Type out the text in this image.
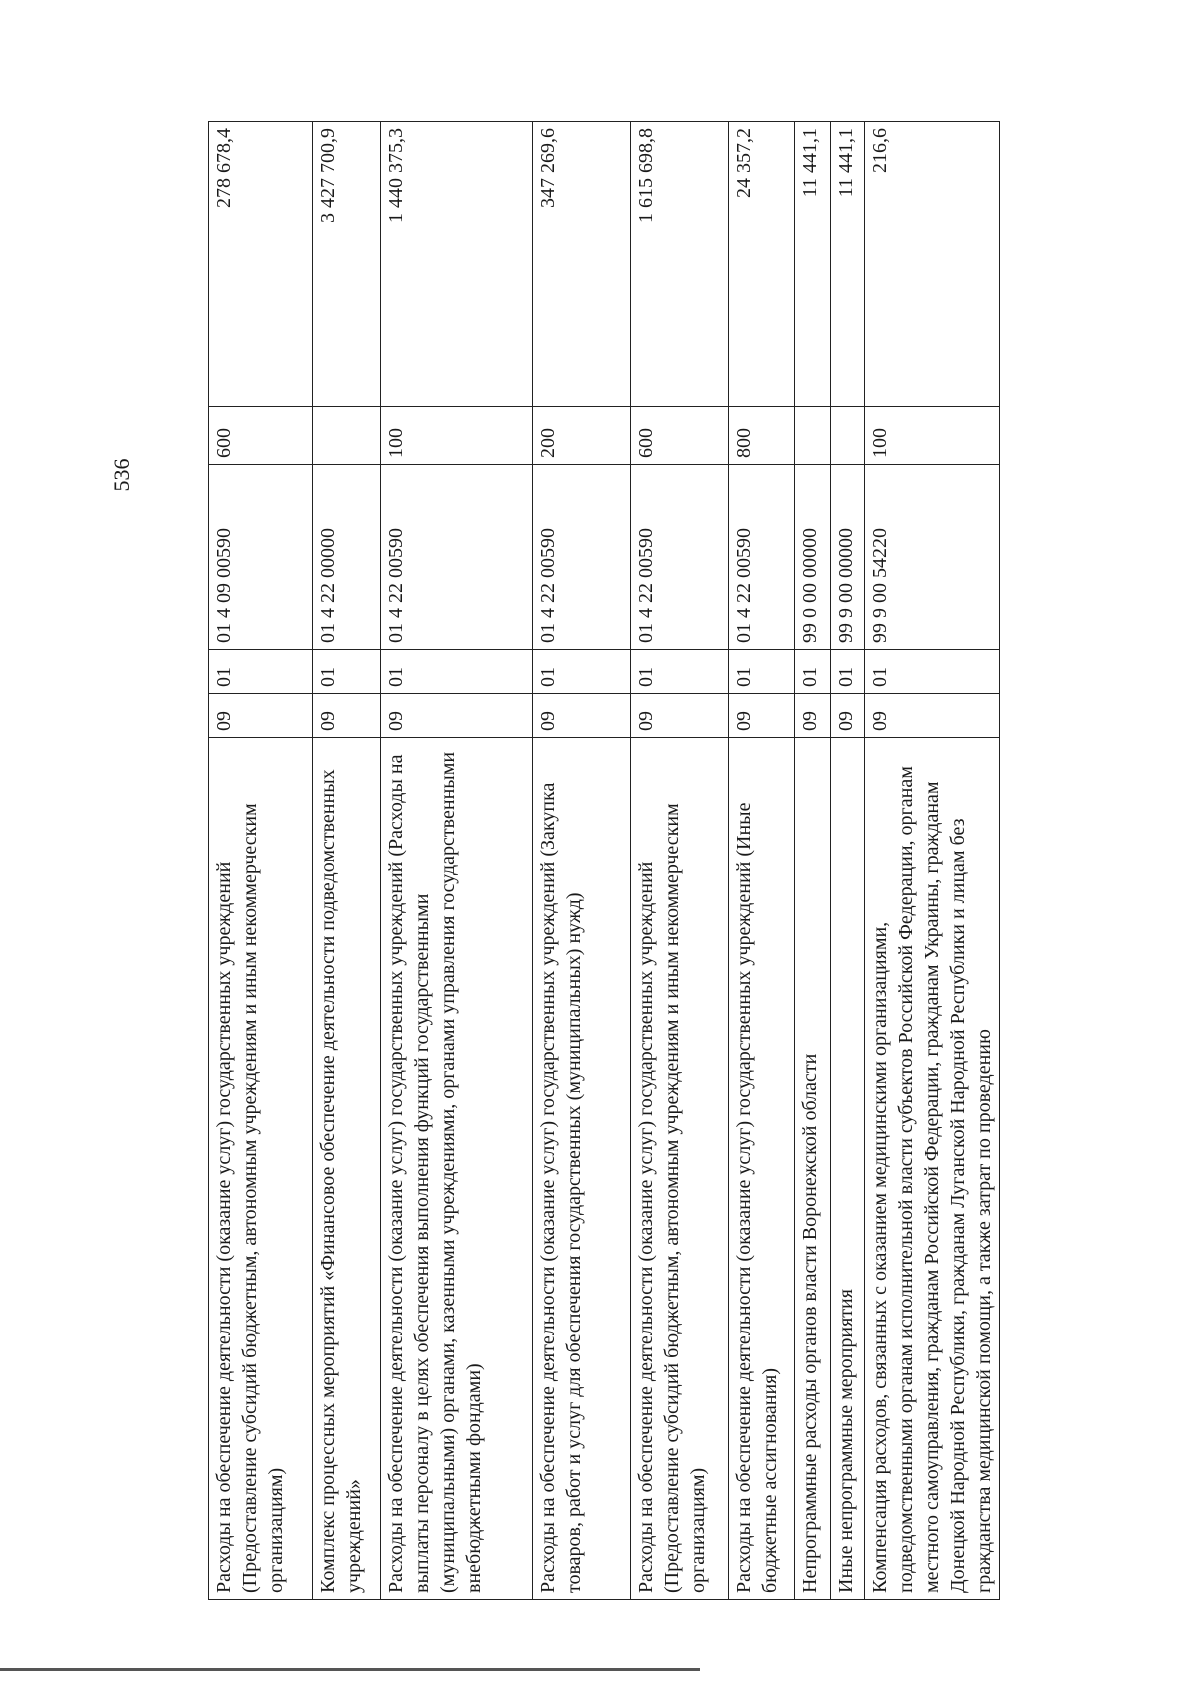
536
Расходы на обеспечение деятельности (оказание услуг) государственных учреждений (Предоставление субсидий бюджетным, автономным учреждениям и иным некоммерческим организациям)	09	01	01 4 09 00590	600	278 678,4
Комплекс процессных мероприятий «Финансовое обеспечение деятельности подведомственных учреждений»	09	01	01 4 22 00000		3 427 700,9
Расходы на обеспечение деятельности (оказание услуг) государственных учреждений (Расходы на выплаты персоналу в целях обеспечения выполнения функций государственными (муниципальными) органами, казенными учреждениями, органами управления государственными внебюджетными фондами)	09	01	01 4 22 00590	100	1 440 375,3
Расходы на обеспечение деятельности (оказание услуг) государственных учреждений (Закупка товаров, работ и услуг для обеспечения государственных (муниципальных) нужд)	09	01	01 4 22 00590	200	347 269,6
Расходы на обеспечение деятельности (оказание услуг) государственных учреждений (Предоставление субсидий бюджетным, автономным учреждениям и иным некоммерческим организациям)	09	01	01 4 22 00590	600	1 615 698,8
Расходы на обеспечение деятельности (оказание услуг) государственных учреждений (Иные бюджетные ассигнования)	09	01	01 4 22 00590	800	24 357,2
Непрограммные расходы органов власти Воронежской области	09	01	99 0 00 00000		11 441,1
Иные непрограммные мероприятия	09	01	99 9 00 00000		11 441,1
Компенсация расходов, связанных с оказанием медицинскими организациями, подведомственными органам исполнительной власти субъектов Российской Федерации, органам местного самоуправления, гражданам Российской Федерации, гражданам Украины, гражданам Донецкой Народной Республики, гражданам Луганской Народной Республики и лицам без гражданства медицинской помощи, а также затрат по проведению	09	01	99 9 00 54220	100	216,6
